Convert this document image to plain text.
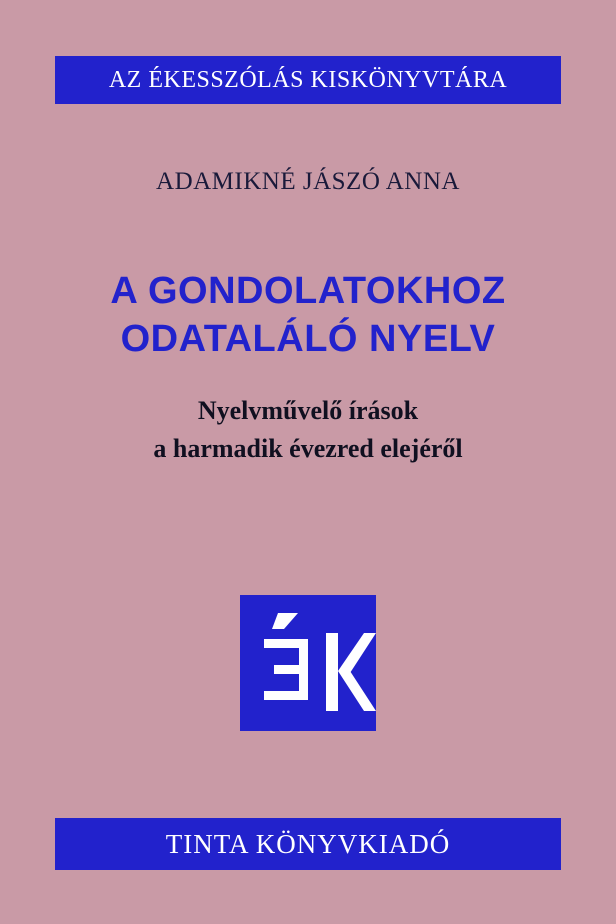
AZ ÉKESSZÓLÁS KISKÖNYVTÁRA
ADAMIKNÉ JÁSZÓ ANNA
A GONDOLATOKHOZ
ODATALÁLÓ NYELV
Nyelvművelő írások
a harmadik évezred elejéről
TINTA KÖNYVKIADÓ
